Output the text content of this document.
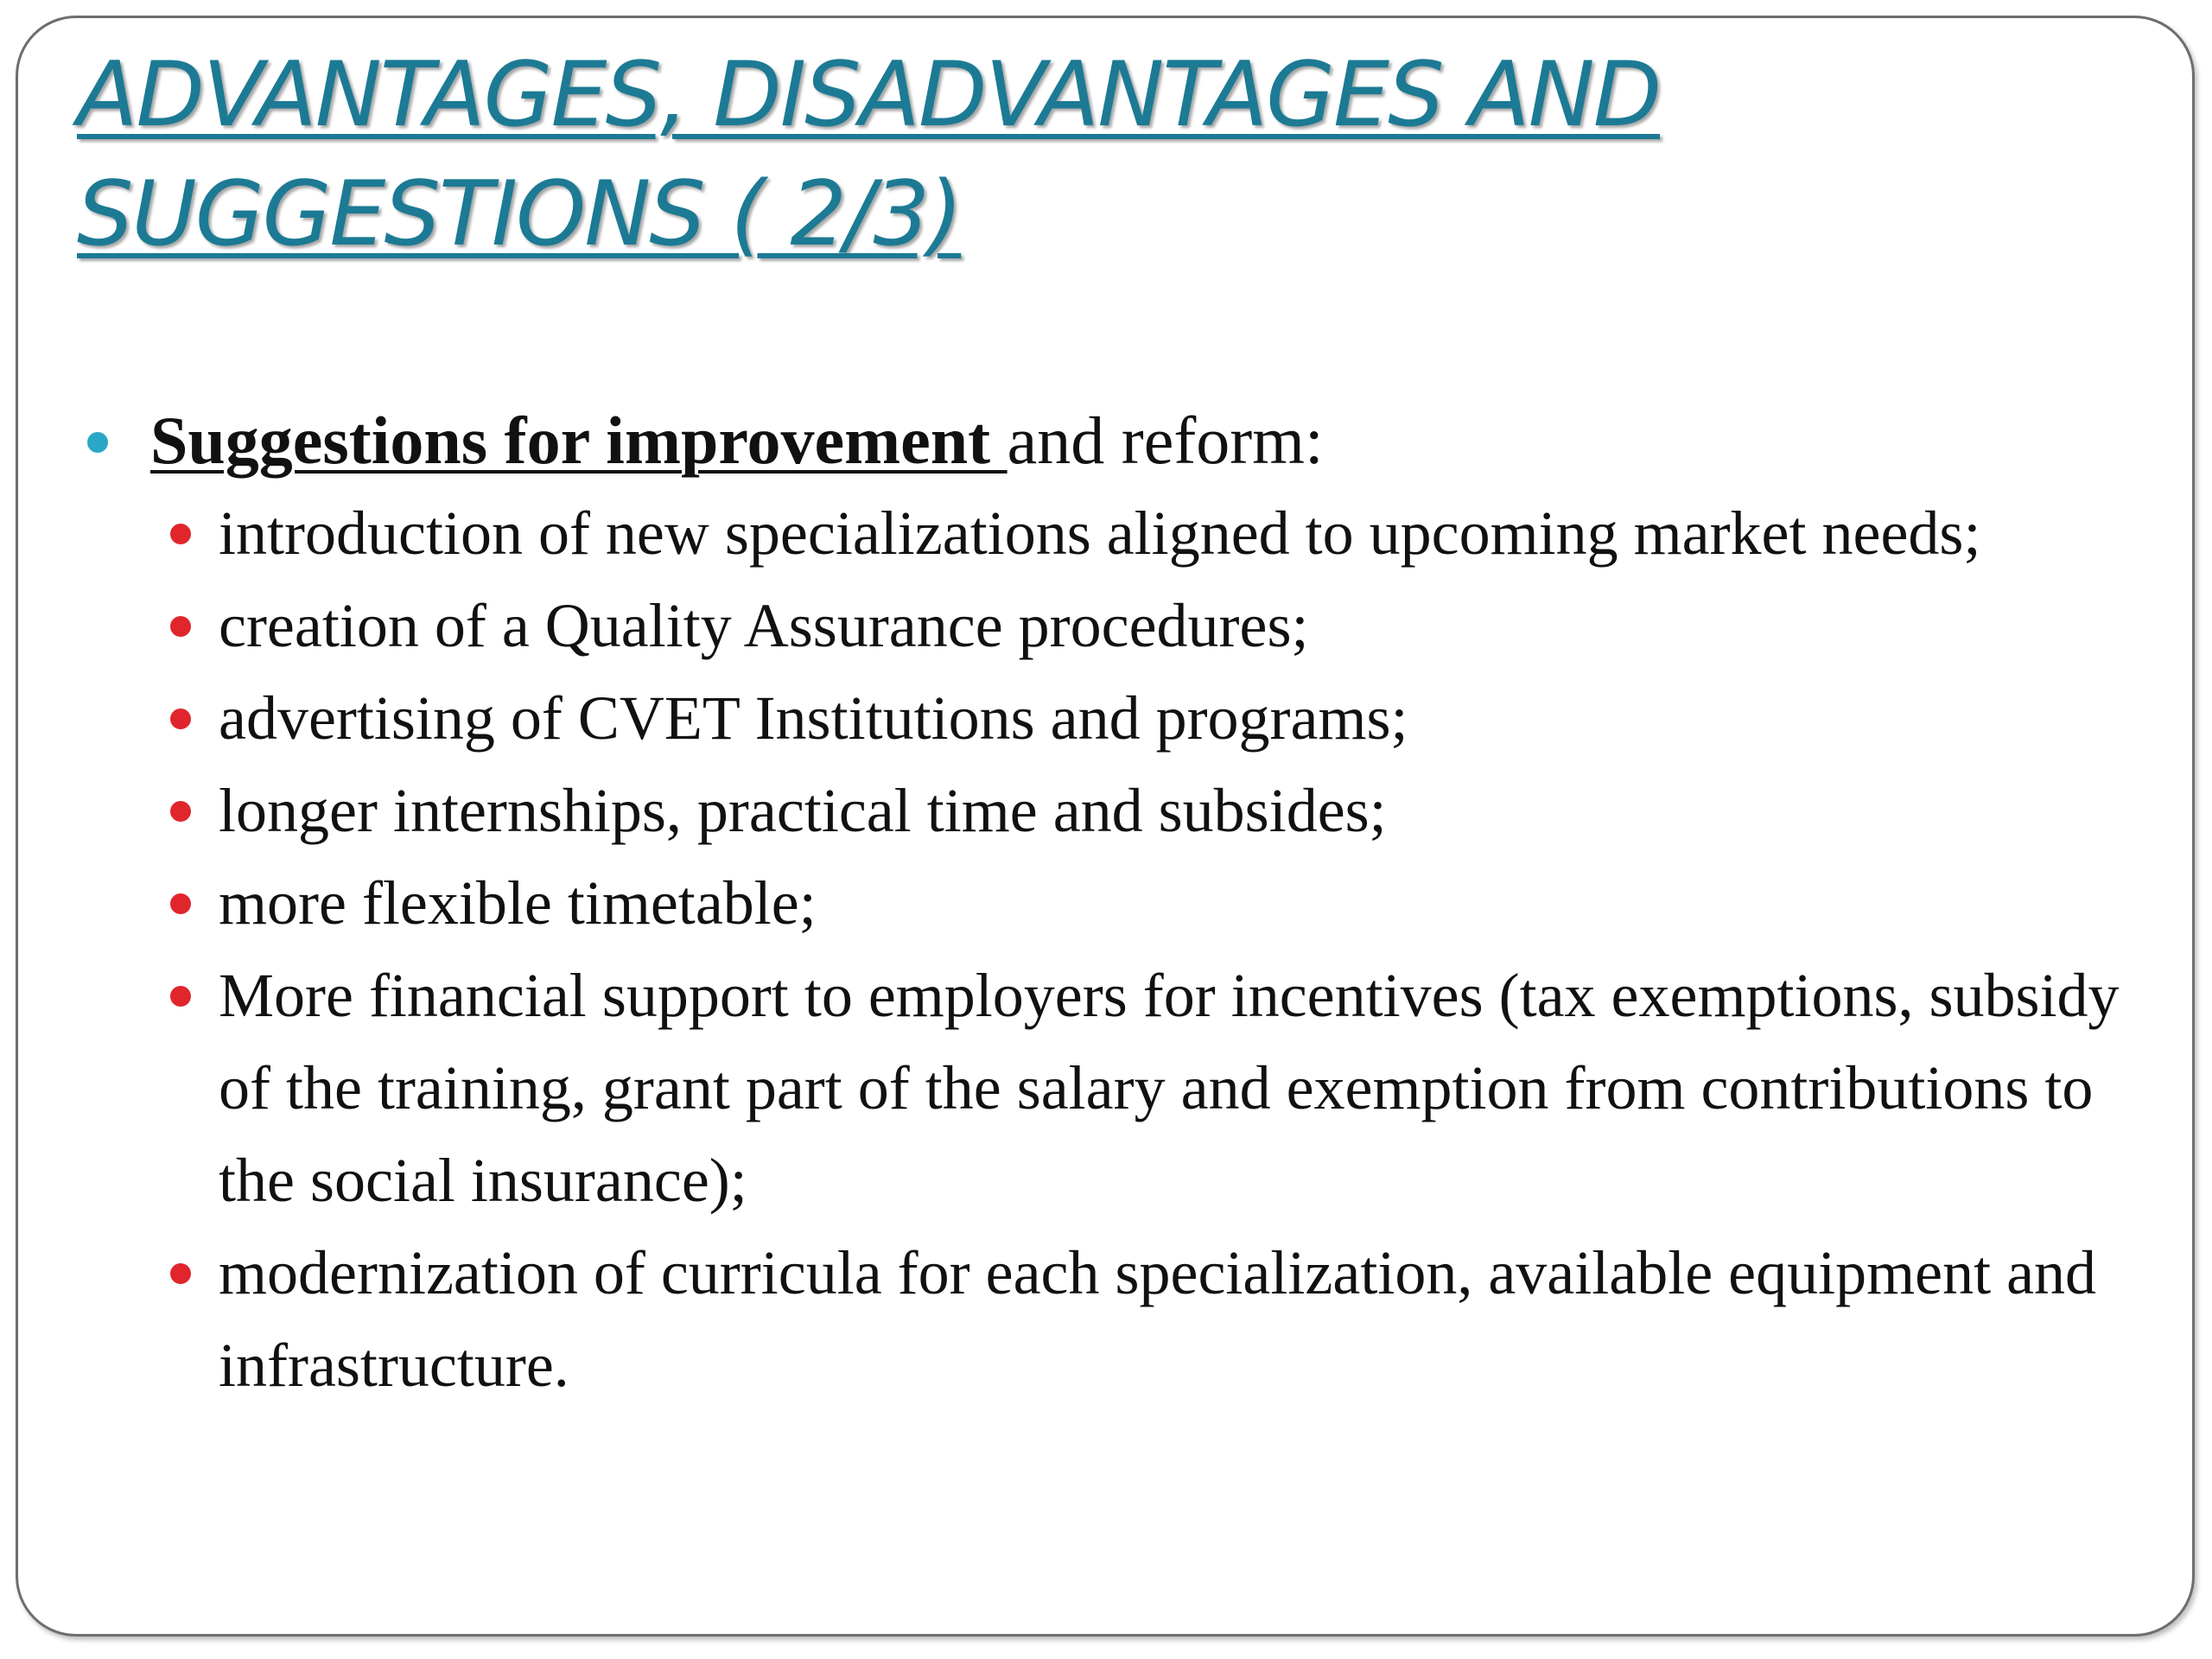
ADVANTAGES, DISADVANTAGES AND SUGGESTIONS ( 2/3)
Suggestions for improvement and reform:
introduction of new specializations aligned to upcoming market needs;
creation of a Quality Assurance procedures;
advertising of CVET Institutions and programs;
longer internships, practical time and subsides;
more flexible timetable;
More financial support to employers for incentives (tax exemptions, subsidy of the training, grant part of the salary and exemption from contributions to the social insurance);
modernization of curricula for each specialization, available equipment and infrastructure.
